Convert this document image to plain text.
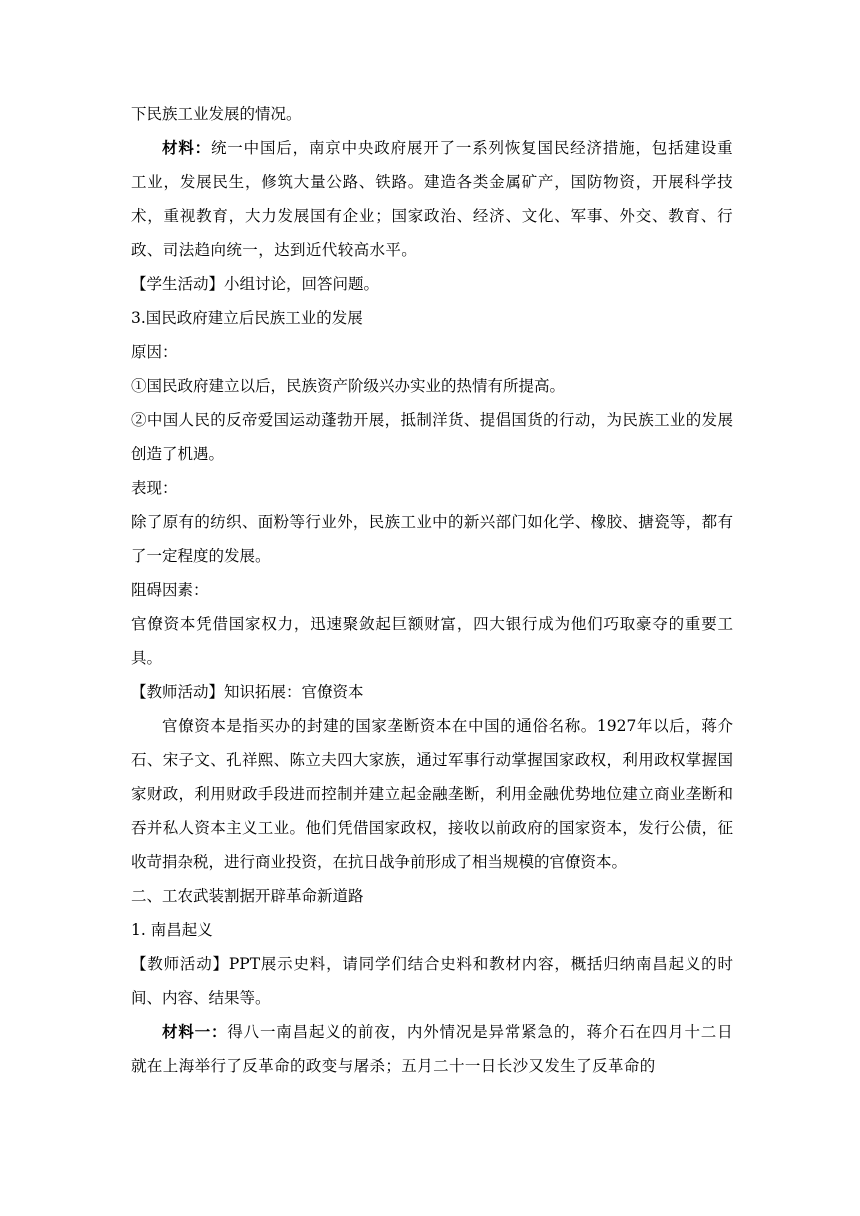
下民族工业发展的情况。

材料：统一中国后，南京中央政府展开了一系列恢复国民经济措施，包括建设重工业，发展民生，修筑大量公路、铁路。建造各类金属矿产，国防物资，开展科学技术，重视教育，大力发展国有企业；国家政治、经济、文化、军事、外交、教育、行政、司法趋向统一，达到近代较高水平。

【学生活动】小组讨论，回答问题。

3.国民政府建立后民族工业的发展

原因：

①国民政府建立以后，民族资产阶级兴办实业的热情有所提高。

②中国人民的反帝爱国运动蓬勃开展，抵制洋货、提倡国货的行动，为民族工业的发展创造了机遇。

表现：

除了原有的纺织、面粉等行业外，民族工业中的新兴部门如化学、橡胶、搪瓷等，都有了一定程度的发展。

阻碍因素：

官僚资本凭借国家权力，迅速聚敛起巨额财富，四大银行成为他们巧取豪夺的重要工具。

【教师活动】知识拓展：官僚资本

官僚资本是指买办的封建的国家垄断资本在中国的通俗名称。1927年以后，蒋介石、宋子文、孔祥熙、陈立夫四大家族，通过军事行动掌握国家政权，利用政权掌握国家财政，利用财政手段进而控制并建立起金融垄断，利用金融优势地位建立商业垄断和吞并私人资本主义工业。他们凭借国家政权，接收以前政府的国家资本，发行公债，征收苛捐杂税，进行商业投资，在抗日战争前形成了相当规模的官僚资本。

二、工农武装割据开辟革命新道路

1. 南昌起义

【教师活动】PPT展示史料，请同学们结合史料和教材内容，概括归纳南昌起义的时间、内容、结果等。

材料一：得八一南昌起义的前夜，内外情况是异常紧急的，蒋介石在四月十二日就在上海举行了反革命的政变与屠杀；五月二十一日长沙又发生了反革命的
